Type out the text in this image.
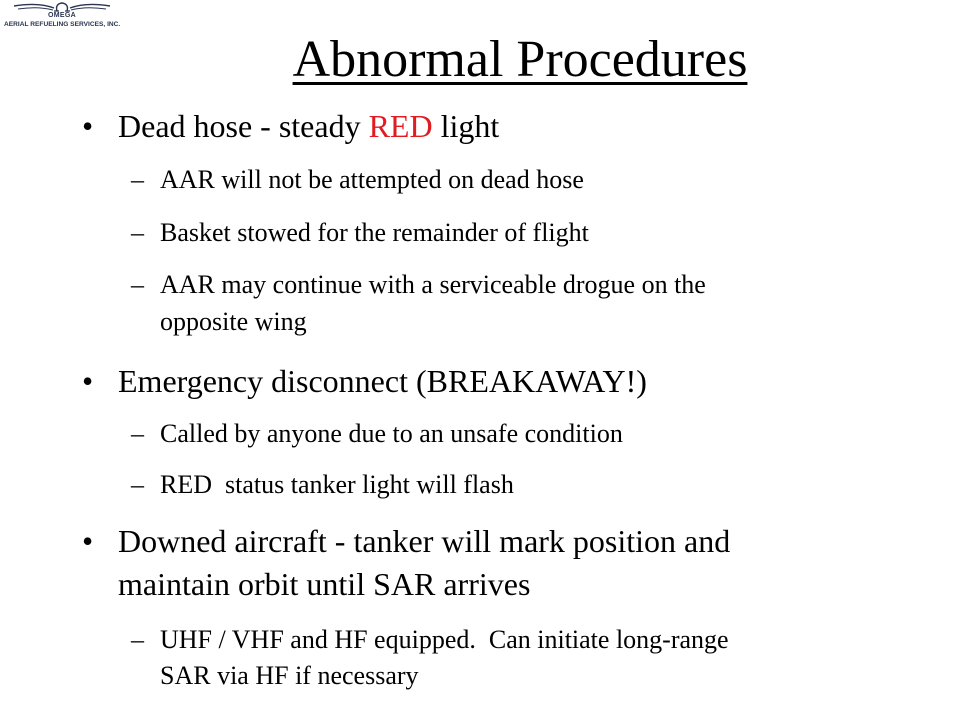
OMEGA
AERIAL REFUELING SERVICES, INC.
Abnormal Procedures
• Dead hose - steady RED light
– AAR will not be attempted on dead hose
– Basket stowed for the remainder of flight
– AAR may continue with a serviceable drogue on the
opposite wing
• Emergency disconnect (BREAKAWAY!)
– Called by anyone due to an unsafe condition
– RED  status tanker light will flash
• Downed aircraft - tanker will mark position and
maintain orbit until SAR arrives
– UHF / VHF and HF equipped.  Can initiate long-range
SAR via HF if necessary
